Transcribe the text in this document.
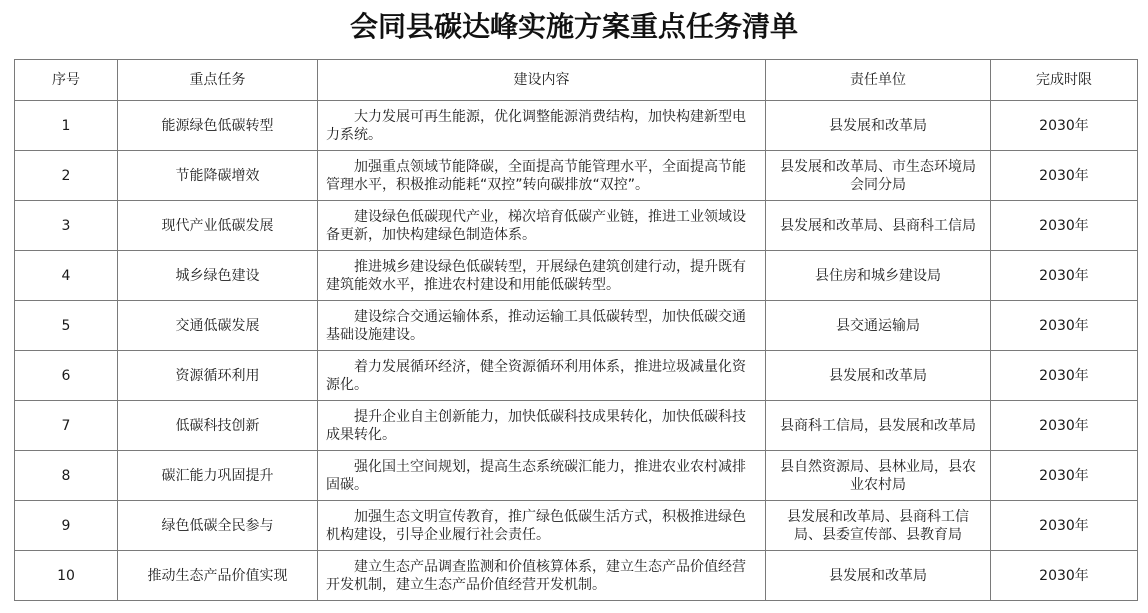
会同县碳达峰实施方案重点任务清单
序号	重点任务	建设内容	责任单位	完成时限
1	能源绿色低碳转型	大力发展可再生能源，优化调整能源消费结构，加快构建新型电力系统。	县发展和改革局	2030年
2	节能降碳增效	加强重点领域节能降碳，全面提高节能管理水平，全面提高节能管理水平，积极推动能耗“双控”转向碳排放“双控”。	县发展和改革局、市生态环境局会同分局	2030年
3	现代产业低碳发展	建设绿色低碳现代产业，梯次培育低碳产业链，推进工业领域设备更新，加快构建绿色制造体系。	县发展和改革局、县商科工信局	2030年
4	城乡绿色建设	推进城乡建设绿色低碳转型，开展绿色建筑创建行动，提升既有建筑能效水平，推进农村建设和用能低碳转型。	县住房和城乡建设局	2030年
5	交通低碳发展	建设综合交通运输体系，推动运输工具低碳转型，加快低碳交通基础设施建设。	县交通运输局	2030年
6	资源循环利用	着力发展循环经济，健全资源循环利用体系，推进垃圾减量化资源化。	县发展和改革局	2030年
7	低碳科技创新	提升企业自主创新能力，加快低碳科技成果转化，加快低碳科技成果转化。	县商科工信局，县发展和改革局	2030年
8	碳汇能力巩固提升	强化国土空间规划，提高生态系统碳汇能力，推进农业农村减排固碳。	县自然资源局、县林业局，县农业农村局	2030年
9	绿色低碳全民参与	加强生态文明宣传教育，推广绿色低碳生活方式，积极推进绿色机构建设，引导企业履行社会责任。	县发展和改革局、县商科工信局、县委宣传部、县教育局	2030年
10	推动生态产品价值实现	建立生态产品调查监测和价值核算体系，建立生态产品价值经营开发机制，建立生态产品价值经营开发机制。	县发展和改革局	2030年
